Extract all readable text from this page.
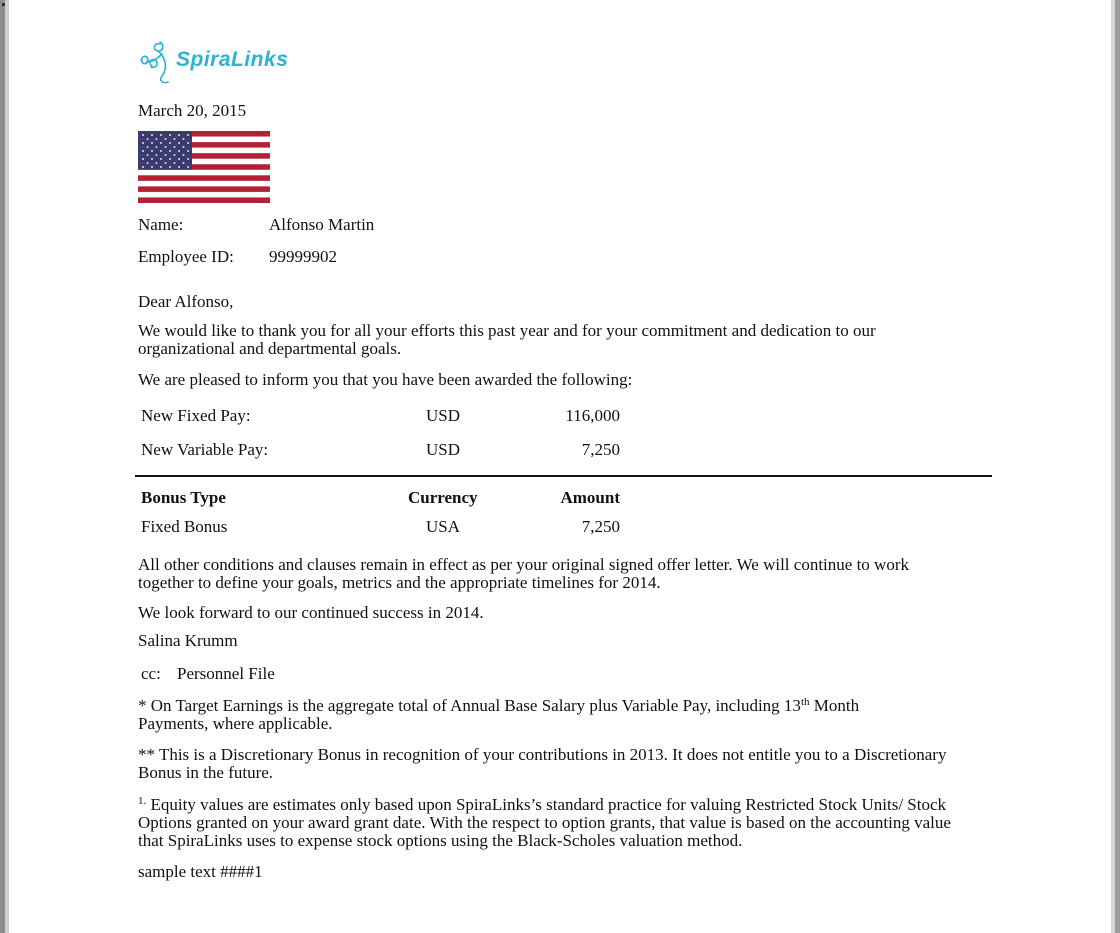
SpiraLinks
March 20, 2015
Name:	Alfonso Martin
Employee ID: 99999902
Dear Alfonso,
We would like to thank you for all your efforts this past year and for your commitment and dedication to our organizational and departmental goals.
We are pleased to inform you that you have been awarded the following:
New Fixed Pay:	USD	116,000
New Variable Pay:	USD	7,250
Bonus Type	Currency	Amount
Fixed Bonus	USA	7,250
All other conditions and clauses remain in effect as per your original signed offer letter. We will continue to work together to define your goals, metrics and the appropriate timelines for 2014.
We look forward to our continued success in 2014.
Salina Krumm
cc: Personnel File
* On Target Earnings is the aggregate total of Annual Base Salary plus Variable Pay, including 13th Month
Payments, where applicable.
** This is a Discretionary Bonus in recognition of your contributions in 2013. It does not entitle you to a Discretionary Bonus in the future.
$^{1.}$ Equity values are estimates only based upon SpiraLinks’s standard practice for valuing Restricted Stock Units/ Stock Options granted on your award grant date. With the respect to option grants, that value is based on the accounting value that SpiraLinks uses to expense stock options using the Black-Scholes valuation method.
sample text ####1
